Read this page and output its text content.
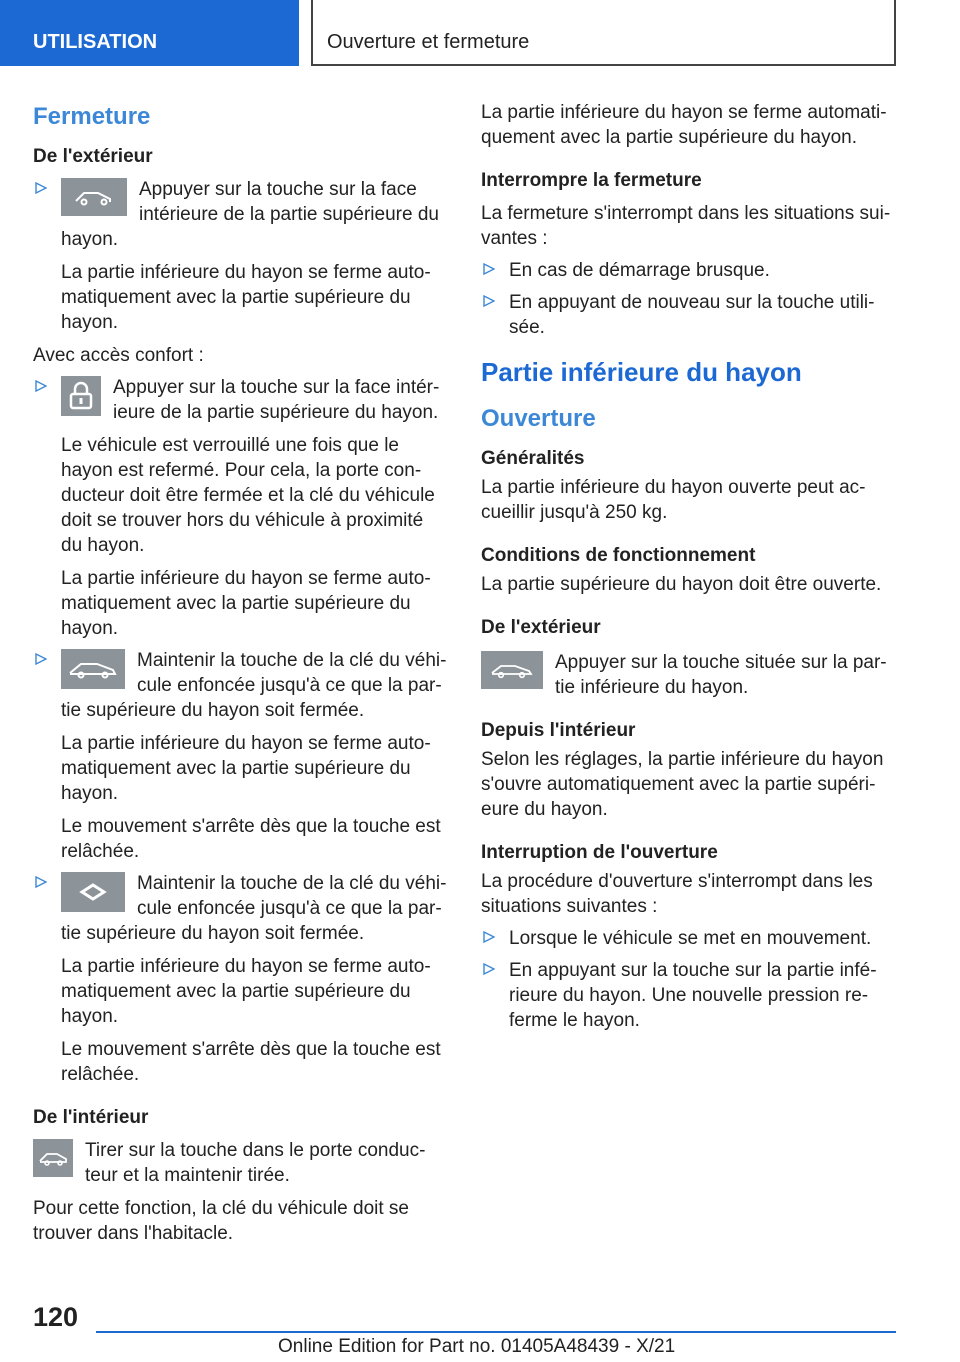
UTILISATION	Ouverture et fermeture
Fermeture
De l'extérieur

Appuyer sur la touche sur la face intérieure de la partie supérieure du hayon.

La partie inférieure du hayon se ferme automatiquement avec la partie supérieure du hayon.

Avec accès confort :

Appuyer sur la touche sur la face intérieure de la partie supérieure du hayon.

Le véhicule est verrouillé une fois que le hayon est refermé. Pour cela, la porte conducteur doit être fermée et la clé du véhicule doit se trouver hors du véhicule à proximité du hayon.

La partie inférieure du hayon se ferme automatiquement avec la partie supérieure du hayon.

Maintenir la touche de la clé du véhicule enfoncée jusqu'à ce que la partie supérieure du hayon soit fermée.

La partie inférieure du hayon se ferme automatiquement avec la partie supérieure du hayon.

Le mouvement s'arrête dès que la touche est relâchée.

Maintenir la touche de la clé du véhicule enfoncée jusqu'à ce que la partie supérieure du hayon soit fermée.

La partie inférieure du hayon se ferme automatiquement avec la partie supérieure du hayon.

Le mouvement s'arrête dès que la touche est relâchée.

De l'intérieur

Tirer sur la touche dans le porte conducteur et la maintenir tirée.

Pour cette fonction, la clé du véhicule doit se trouver dans l'habitacle.

La partie inférieure du hayon se ferme automatiquement avec la partie supérieure du hayon.

Interrompre la fermeture

La fermeture s'interrompt dans les situations suivantes :

En cas de démarrage brusque.

En appuyant de nouveau sur la touche utilisée.

Partie inférieure du hayon
Ouverture
Généralités

La partie inférieure du hayon ouverte peut accueillir jusqu'à 250 kg.

Conditions de fonctionnement

La partie supérieure du hayon doit être ouverte.

De l'extérieur

Appuyer sur la touche située sur la partie inférieure du hayon.

Depuis l'intérieur

Selon les réglages, la partie inférieure du hayon s'ouvre automatiquement avec la partie supérieure du hayon.

Interruption de l'ouverture

La procédure d'ouverture s'interrompt dans les situations suivantes :

Lorsque le véhicule se met en mouvement.

En appuyant sur la touche sur la partie inférieure du hayon. Une nouvelle pression referme le hayon.

120
Online Edition for Part no. 01405A48439 - X/21
